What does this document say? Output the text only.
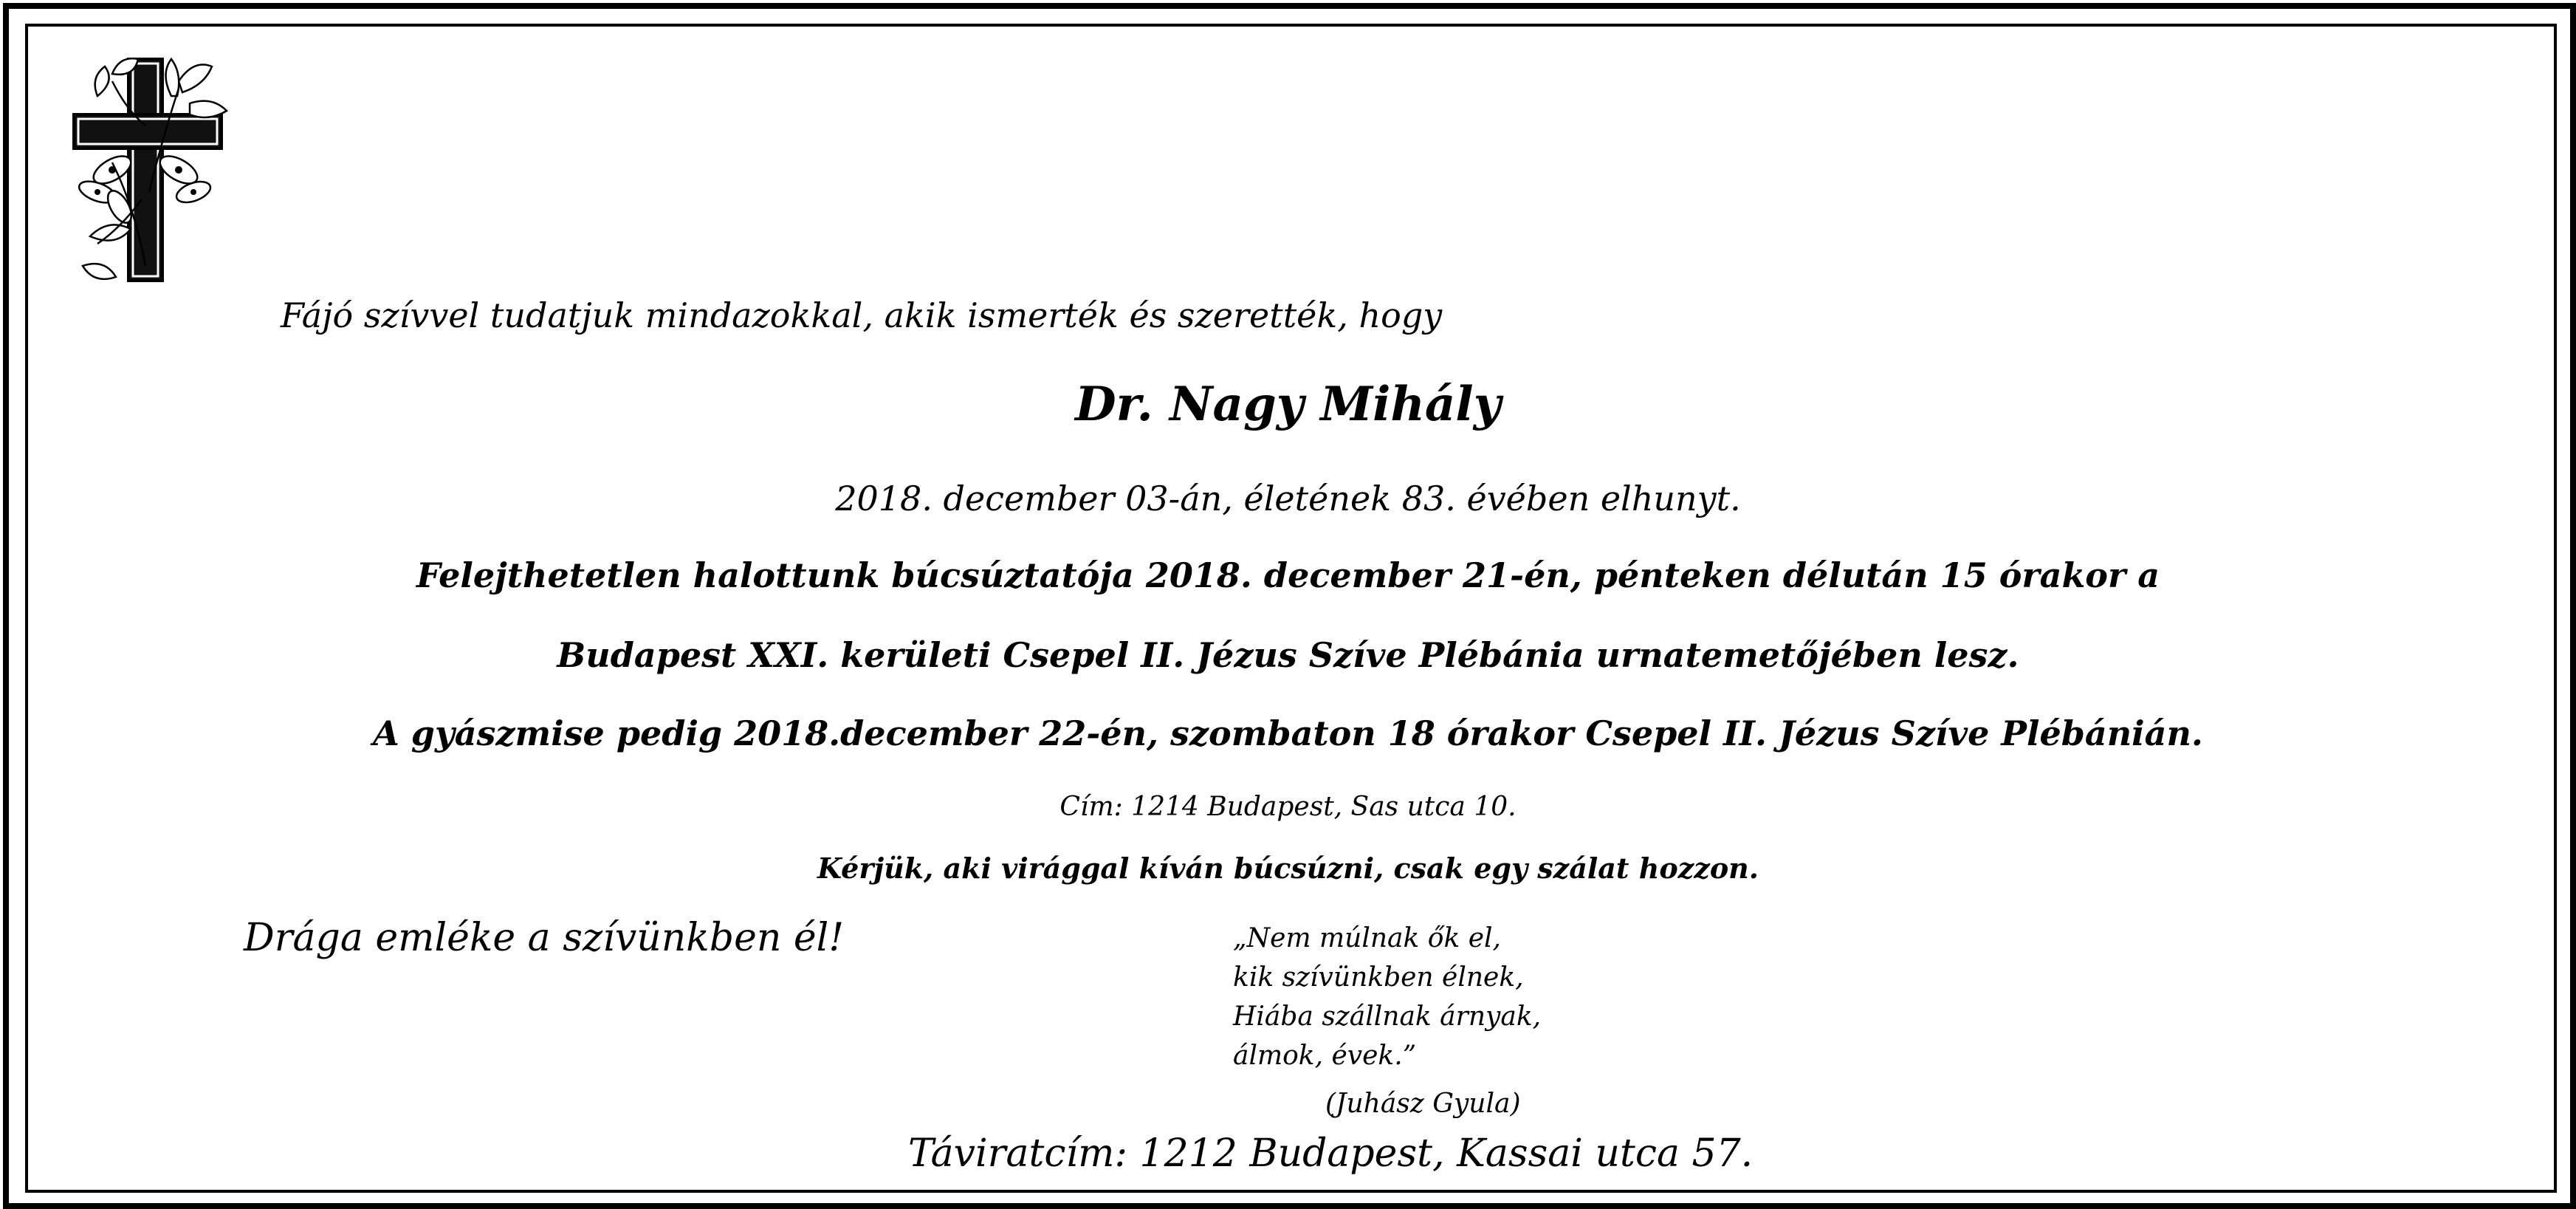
Fájó szívvel tudatjuk mindazokkal, akik ismerték és szerették, hogy

Dr. Nagy Mihály

2018. december 03-án, életének 83. évében elhunyt.

Felejthetetlen halottunk búcsúztatója 2018. december 21-én, pénteken délután 15 órakor a

Budapest XXI. kerületi Csepel II. Jézus Szíve Plébánia urnatemetőjében lesz.

A gyászmise pedig 2018.december 22-én, szombaton 18 órakor Csepel II. Jézus Szíve Plébánián.

Cím: 1214 Budapest, Sas utca 10.

Kérjük, aki virággal kíván búcsúzni, csak egy szálat hozzon.

Drága emléke a szívünkben él!	„Nem múlnak ők el,

kik szívünkben élnek,

Hiába szállnak árnyak,

álmok, évek.”

(Juhász Gyula)

Táviratcím: 1212 Budapest, Kassai utca 57.
